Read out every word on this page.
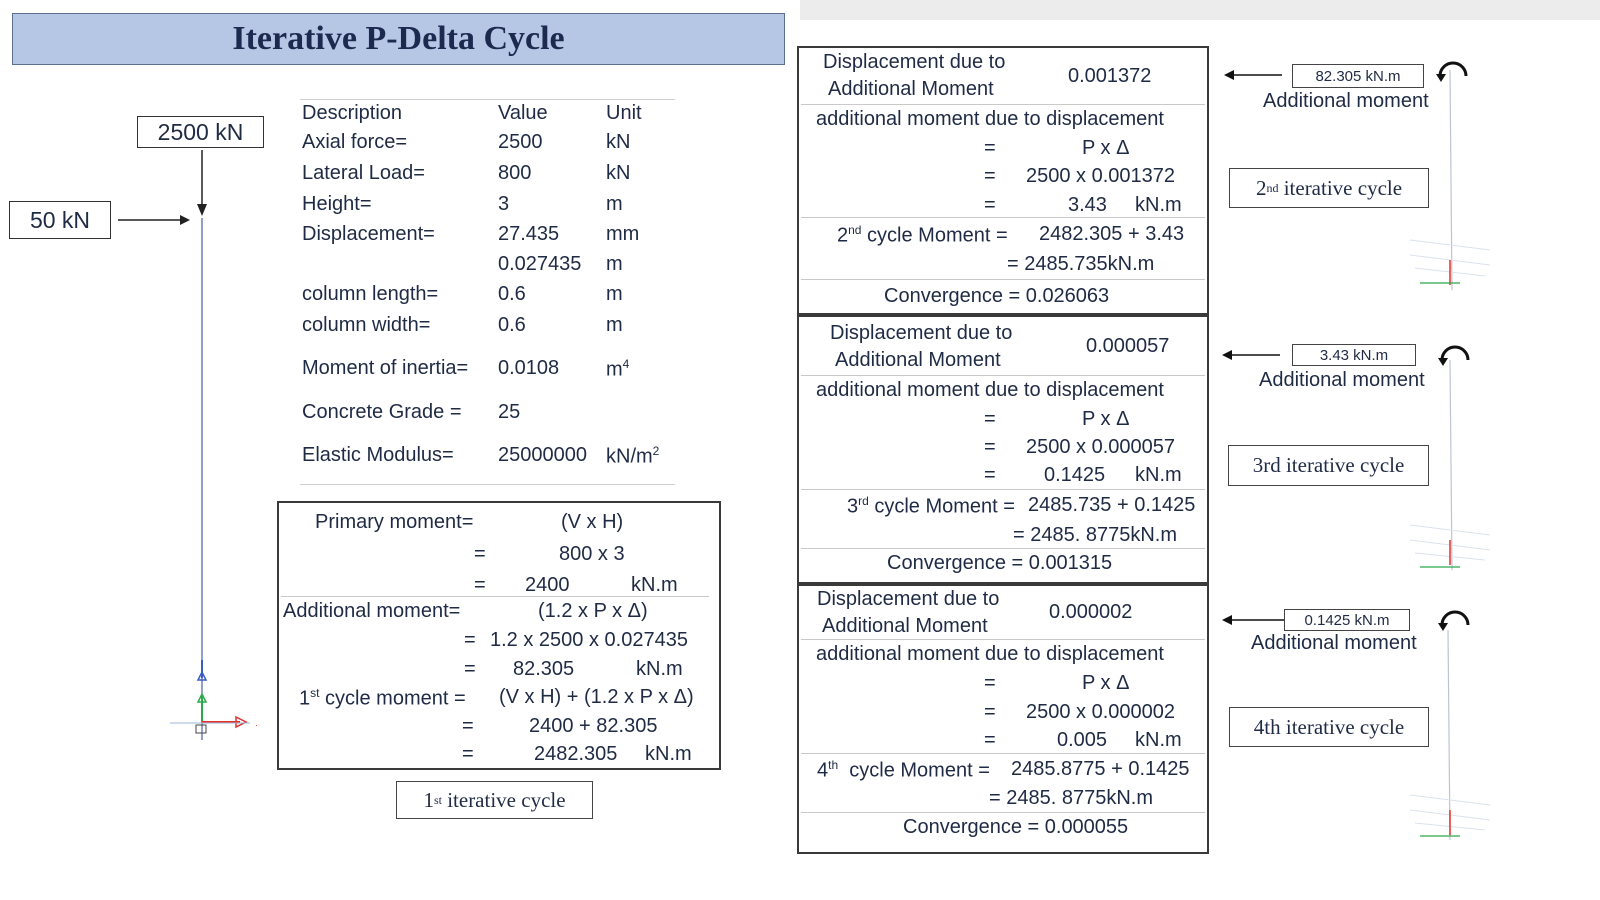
Iterative P-Delta Cycle
·
2500 kN
50 kN
Description	Value	Unit
Axial force=	2500	kN
Lateral Load=	800	kN
Height=	3	m
Displacement=	27.435 mm
0.027435 m
column length=	0.6	m
column width=	0.6	m
Moment of inertia= 0.0108 $m^4$
Concrete Grade = 25
Elastic Modulus= 25000000 $kN/m^2$
Primary moment=	(V x H)
=	800 x 3
= 2400	kN.m
Additional moment=	(1.2 x P x Δ)
= 1.2 x 2500 x 0.027435
= 82.305	kN.m
1st cycle moment = (V x H) + (1.2 x P x Δ)
=	2400 + 82.305
=	2482.305 kN.m
1 st
iterative cycle
Displacement due to
Additional Moment
0.001372
additional moment due to displacement
=	P x Δ
= 2500 x 0.001372
=	3.43 kN.m
2nd cycle Moment = 2482.305 + 3.43
= 2485.735kN.m
Convergence = 0.026063
Displacement due to
Additional Moment
0.000057
additional moment due to displacement
=	P x Δ
= 2500 x 0.000057
= 0.1425 kN.m
3rd cycle Moment = 2485.735 + 0.1425
= 2485. 8775kN.m
Convergence = 0.001315
Displacement due to
Additional Moment
0.000002
additional moment due to displacement
=	P x Δ
= 2500 x 0.000002
=	0.005 kN.m
4th cycle Moment = 2485.8775 + 0.1425
= 2485. 8775kN.m
Convergence = 0.000055
82.305 kN.m
Additional moment
2 nd
iterative cycle
3.43 kN.m
Additional moment
3rd
iterative cycle
0.1425 kN.m
Additional moment
4th
iterative cycle
